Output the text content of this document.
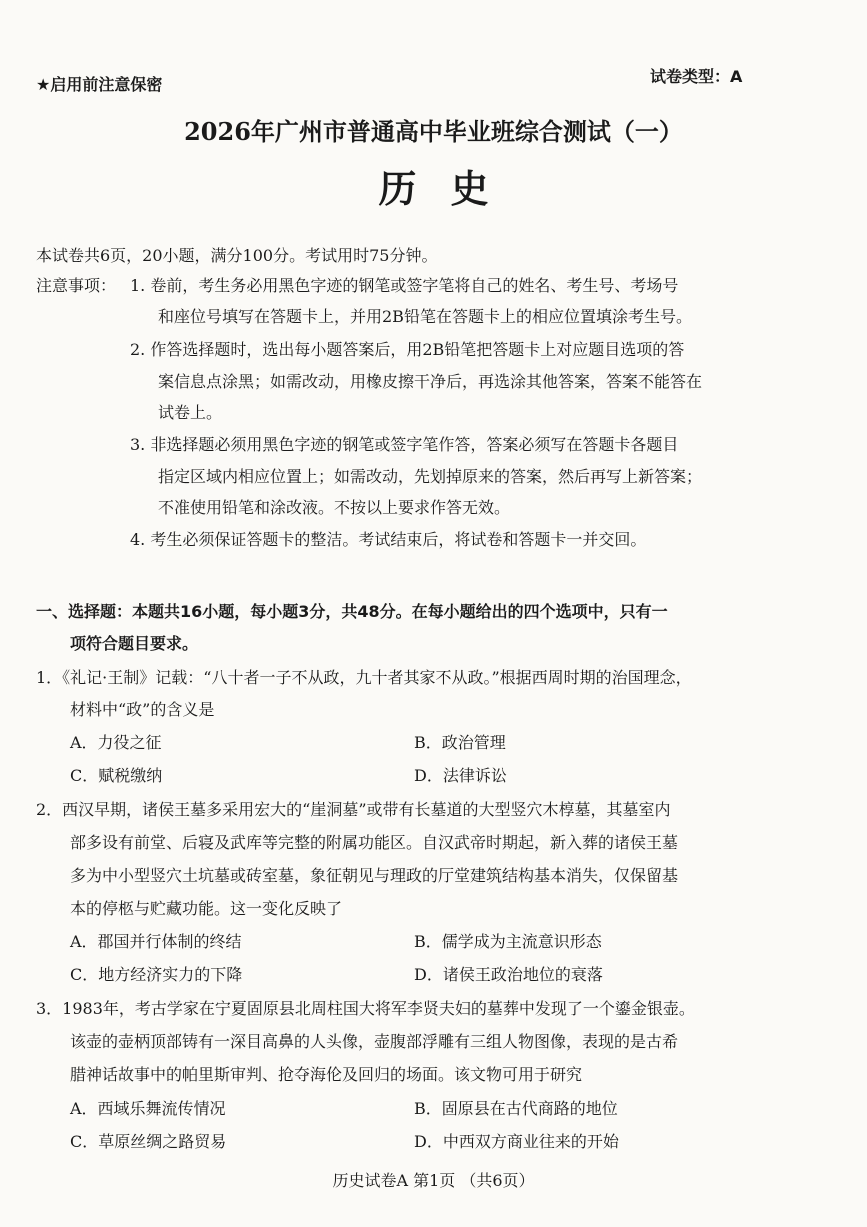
★启用前注意保密	试卷类型：A
2026年广州市普通高中毕业班综合测试（一）
历史
本试卷共6页，20小题，满分100分。考试用时75分钟。
注意事项： 1. 卷前，考生务必用黑色字迹的钢笔或签字笔将自己的姓名、考生号、考场号
和座位号填写在答题卡上，并用2B铅笔在答题卡上的相应位置填涂考生号。
2. 作答选择题时，选出每小题答案后，用2B铅笔把答题卡上对应题目选项的答
案信息点涂黑；如需改动，用橡皮擦干净后，再选涂其他答案，答案不能答在
试卷上。
3. 非选择题必须用黑色字迹的钢笔或签字笔作答，答案必须写在答题卡各题目
指定区域内相应位置上；如需改动，先划掉原来的答案，然后再写上新答案；
不准使用铅笔和涂改液。不按以上要求作答无效。
4. 考生必须保证答题卡的整洁。考试结束后，将试卷和答题卡一并交回。
一、选择题：本题共16小题，每小题3分，共48分。在每小题给出的四个选项中，只有一
项符合题目要求。
1．《礼记·王制》记载：“八十者一子不从政，九十者其家不从政。”根据西周时期的治国理念，
材料中“政”的含义是
A．力役之征	B．政治管理
C．赋税缴纳	D．法律诉讼
2．西汉早期，诸侯王墓多采用宏大的“崖洞墓”或带有长墓道的大型竖穴木椁墓，其墓室内
部多设有前堂、后寝及武库等完整的附属功能区。自汉武帝时期起，新入葬的诸侯王墓
多为中小型竖穴土坑墓或砖室墓，象征朝见与理政的厅堂建筑结构基本消失，仅保留基
本的停柩与贮藏功能。这一变化反映了
A．郡国并行体制的终结	B．儒学成为主流意识形态
C．地方经济实力的下降	D．诸侯王政治地位的衰落
3．1983年，考古学家在宁夏固原县北周柱国大将军李贤夫妇的墓葬中发现了一个鎏金银壶。
该壶的壶柄顶部铸有一深目高鼻的人头像，壶腹部浮雕有三组人物图像，表现的是古希
腊神话故事中的帕里斯审判、抢夺海伦及回归的场面。该文物可用于研究
A．西域乐舞流传情况	B．固原县在古代商路的地位
C．草原丝绸之路贸易	D．中西双方商业往来的开始
历史试卷A 第1页 （共6页）
